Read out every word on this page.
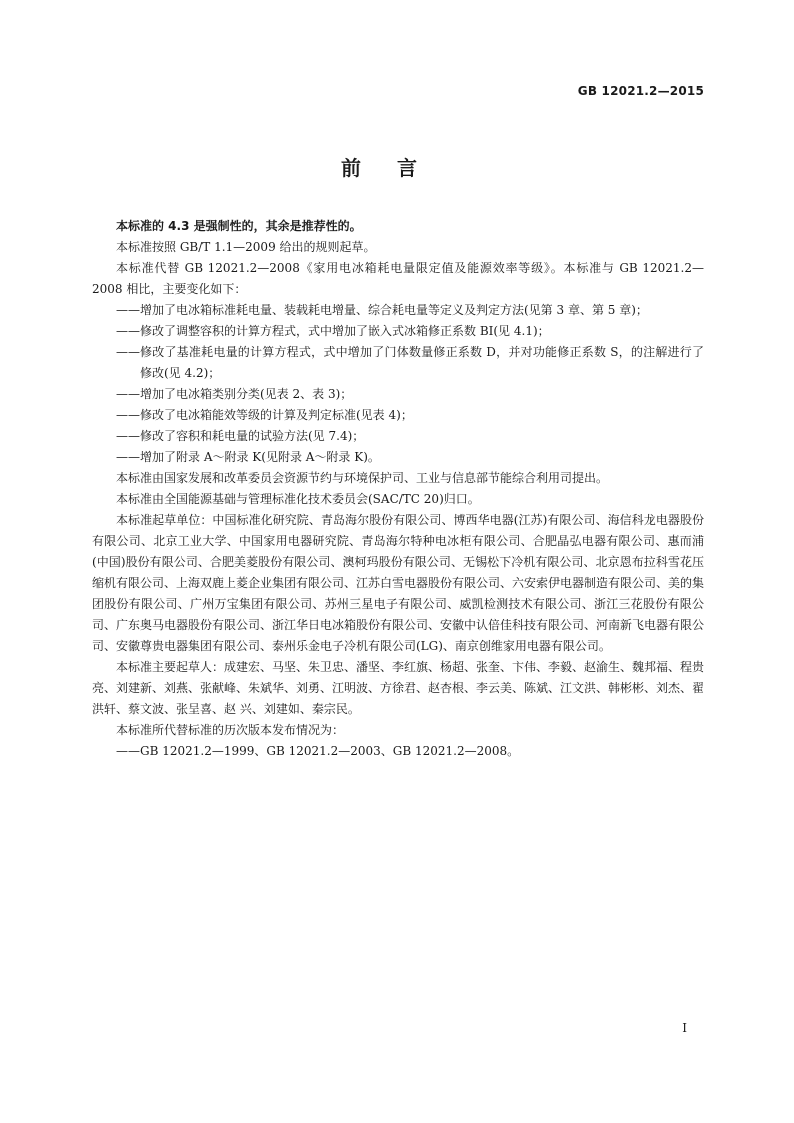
GB 12021.2—2015
前言

本标准的 4.3 是强制性的，其余是推荐性的。

本标准按照 GB/T 1.1—2009 给出的规则起草。

本标准代替 GB 12021.2—2008《家用电冰箱耗电量限定值及能源效率等级》。本标准与 GB 12021.2—2008 相比，主要变化如下：

—— 增加了电冰箱标准耗电量、装载耗电增量、综合耗电量等定义及判定方法(见第 3 章、第 5 章)；
—— 修改了调整容积的计算方程式，式中增加了嵌入式冰箱修正系数 BI(见 4.1)；
—— 修改了基准耗电量的计算方程式，式中增加了门体数量修正系数 D，并对功能修正系数 S，的注解进行了修改(见 4.2)；
—— 增加了电冰箱类别分类(见表 2、表 3)；
—— 修改了电冰箱能效等级的计算及判定标准(见表 4)；
—— 修改了容积和耗电量的试验方法(见 7.4)；
—— 增加了附录 A～附录 K(见附录 A～附录 K)。

本标准由国家发展和改革委员会资源节约与环境保护司、工业与信息部节能综合利用司提出。

本标准由全国能源基础与管理标准化技术委员会(SAC/TC 20)归口。

本标准起草单位：中国标准化研究院、青岛海尔股份有限公司、博西华电器(江苏)有限公司、海信科龙电器股份有限公司、北京工业大学、中国家用电器研究院、青岛海尔特种电冰柜有限公司、合肥晶弘电器有限公司、惠而浦(中国)股份有限公司、合肥美菱股份有限公司、澳柯玛股份有限公司、无锡松下冷机有限公司、北京恩布拉科雪花压缩机有限公司、上海双鹿上菱企业集团有限公司、江苏白雪电器股份有限公司、六安索伊电器制造有限公司、美的集团股份有限公司、广州万宝集团有限公司、苏州三星电子有限公司、威凯检测技术有限公司、浙江三花股份有限公司、广东奥马电器股份有限公司、浙江华日电冰箱股份有限公司、安徽中认倍佳科技有限公司、河南新飞电器有限公司、安徽尊贵电器集团有限公司、泰州乐金电子冷机有限公司(LG)、南京创维家用电器有限公司。

本标准主要起草人：成建宏、马坚、朱卫忠、潘坚、李红旗、杨超、张奎、卞伟、李毅、赵渝生、魏邦福、程贵亮、刘建新、刘燕、张献峰、朱斌华、刘勇、江明波、方徐君、赵杏根、李云美、陈斌、江文洪、韩彬彬、刘杰、翟洪轩、蔡文波、张呈喜、赵 兴、刘建如、秦宗民。

本标准所代替标准的历次版本发布情况为：

—— GB 12021.2—1999、GB 12021.2—2003、GB 12021.2—2008。
I
